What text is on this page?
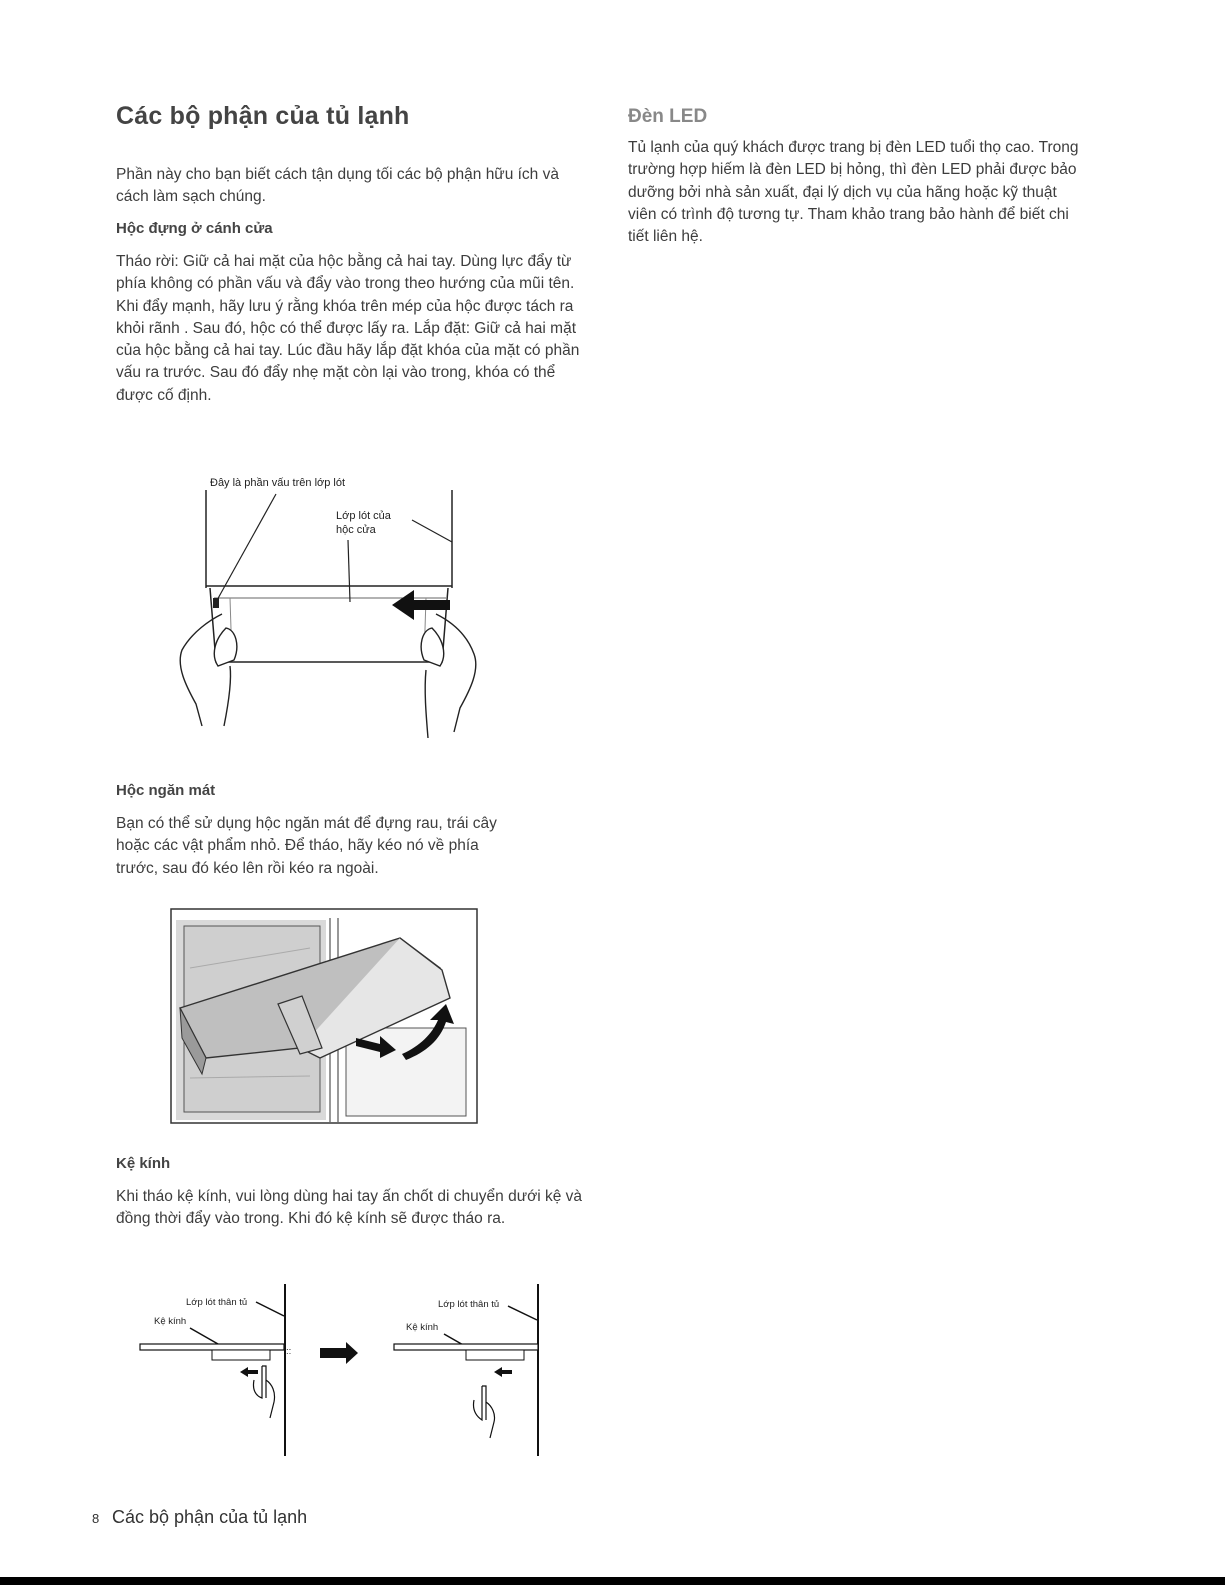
Các bộ phận của tủ lạnh

Phần này cho bạn biết cách tận dụng tối các bộ phận hữu ích và cách làm sạch chúng.

Hộc đựng ở cánh cửa

Tháo rời: Giữ cả hai mặt của hộc bằng cả hai tay. Dùng lực đẩy từ phía không có phần vấu và đẩy vào trong theo hướng của mũi tên. Khi đẩy mạnh, hãy lưu ý rằng khóa trên mép của hộc được tách ra khỏi rãnh . Sau đó, hộc có thể được lấy ra. Lắp đặt: Giữ cả hai mặt của hộc bằng cả hai tay. Lúc đầu hãy lắp đặt khóa của mặt có phần vấu ra trước. Sau đó đẩy nhẹ mặt còn lại vào trong, khóa có thể được cố định.

Đây là phần vấu trên lớp lót
Lớp lót của
hộc cửa
Hộc ngăn mát

Bạn có thể sử dụng hộc ngăn mát để đựng rau, trái cây hoặc các vật phẩm nhỏ. Để tháo, hãy kéo nó về phía trước, sau đó kéo lên rồi kéo ra ngoài.

Kệ kính

Khi tháo kệ kính, vui lòng dùng hai tay ấn chốt di chuyển dưới kệ và đồng thời đẩy vào trong. Khi đó kệ kính sẽ được tháo ra.

Lớp lót thân tủ
Kệ kính
::
Lớp lót thân tủ
Kệ kính
Đèn LED

Tủ lạnh của quý khách được trang bị đèn LED tuổi thọ cao. Trong trường hợp hiếm là đèn LED bị hỏng, thì đèn LED phải được bảo dưỡng bởi nhà sản xuất, đại lý dịch vụ của hãng hoặc kỹ thuật viên có trình độ tương tự. Tham khảo trang bảo hành để biết chi tiết liên hệ.

8 Các bộ phận của tủ lạnh
